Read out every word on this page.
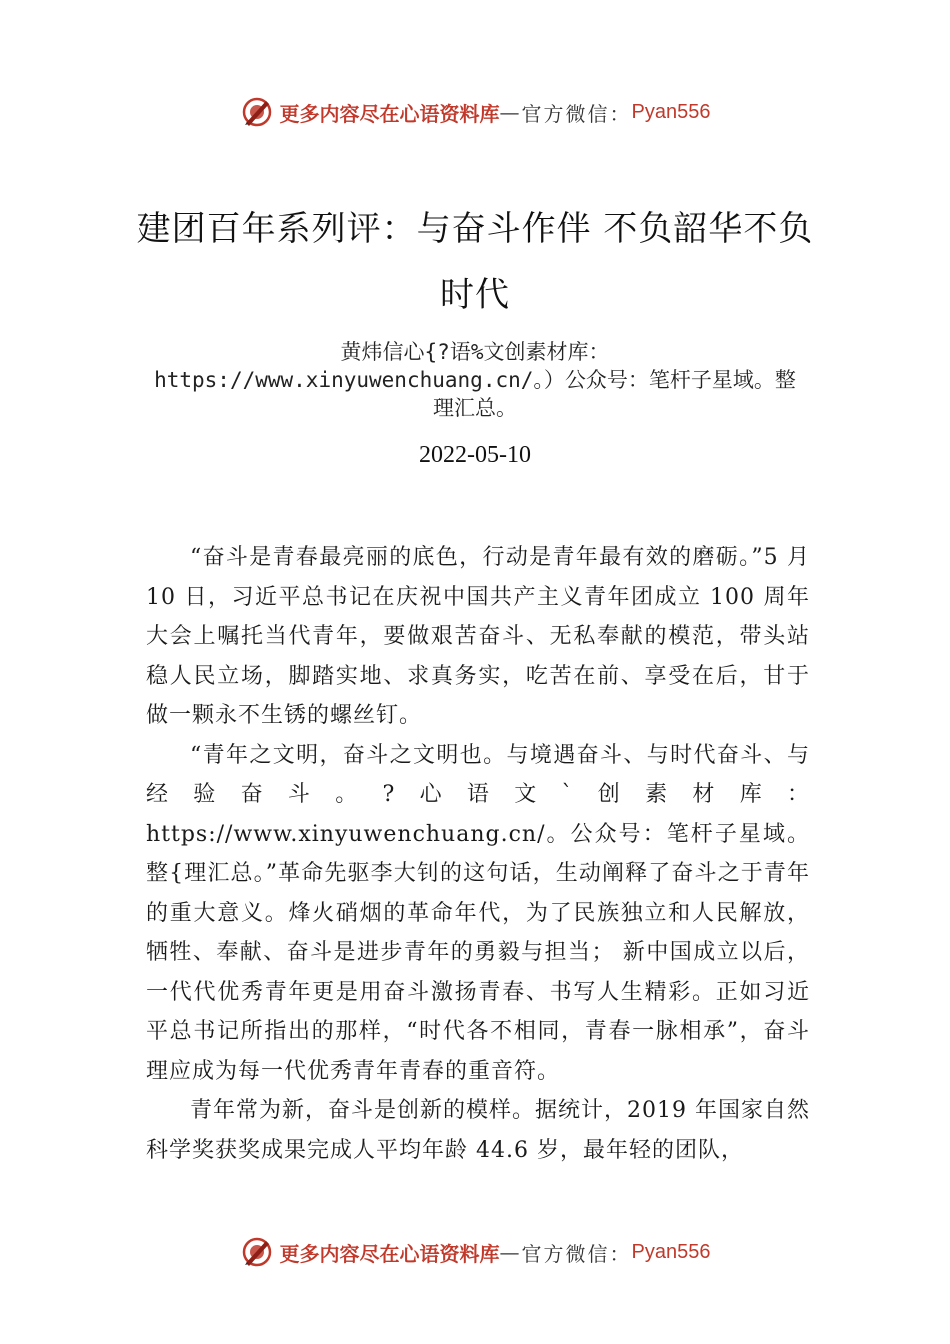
更多内容尽在心语资料库 — 官方微信： Pyan556
建团百年系列评：与奋斗作伴 不负韶华不负时代
黄炜信心{?语%文创素材库：https://www.xinyuwenchuang.cn/。）公众号：笔杆子星域。整理汇总。
2022-05-10

“奋斗是青春最亮丽的底色，行动是青年最有效的磨砺。”5 月 10 日，习近平总书记在庆祝中国共产主义青年团成立 100 周年大会上嘱托当代青年，要做艰苦奋斗、无私奉献的模范，带头站稳人民立场，脚踏实地、求真务实，吃苦在前、享受在后，甘于做一颗永不生锈的螺丝钉。

“青年之文明，奋斗之文明也。与境遇奋斗、与时代奋斗、与经验奋斗。?心语文`创素材库：https://www.xinyuwenchuang.cn/。公众号：笔杆子星域。整{理汇总。”革命先驱李大钊的这句话，生动阐释了奋斗之于青年的重大意义。烽火硝烟的革命年代，为了民族独立和人民解放，牺牲、奉献、奋斗是进步青年的勇毅与担当； 新中国成立以后，一代代优秀青年更是用奋斗激扬青春、书写人生精彩。正如习近平总书记所指出的那样，“时代各不相同，青春一脉相承”，奋斗理应成为每一代优秀青年青春的重音符。

青年常为新，奋斗是创新的模样。据统计，2019 年国家自然科学奖获奖成果完成人平均年龄 44.6 岁，最年轻的团队，

更多内容尽在心语资料库 — 官方微信： Pyan556
